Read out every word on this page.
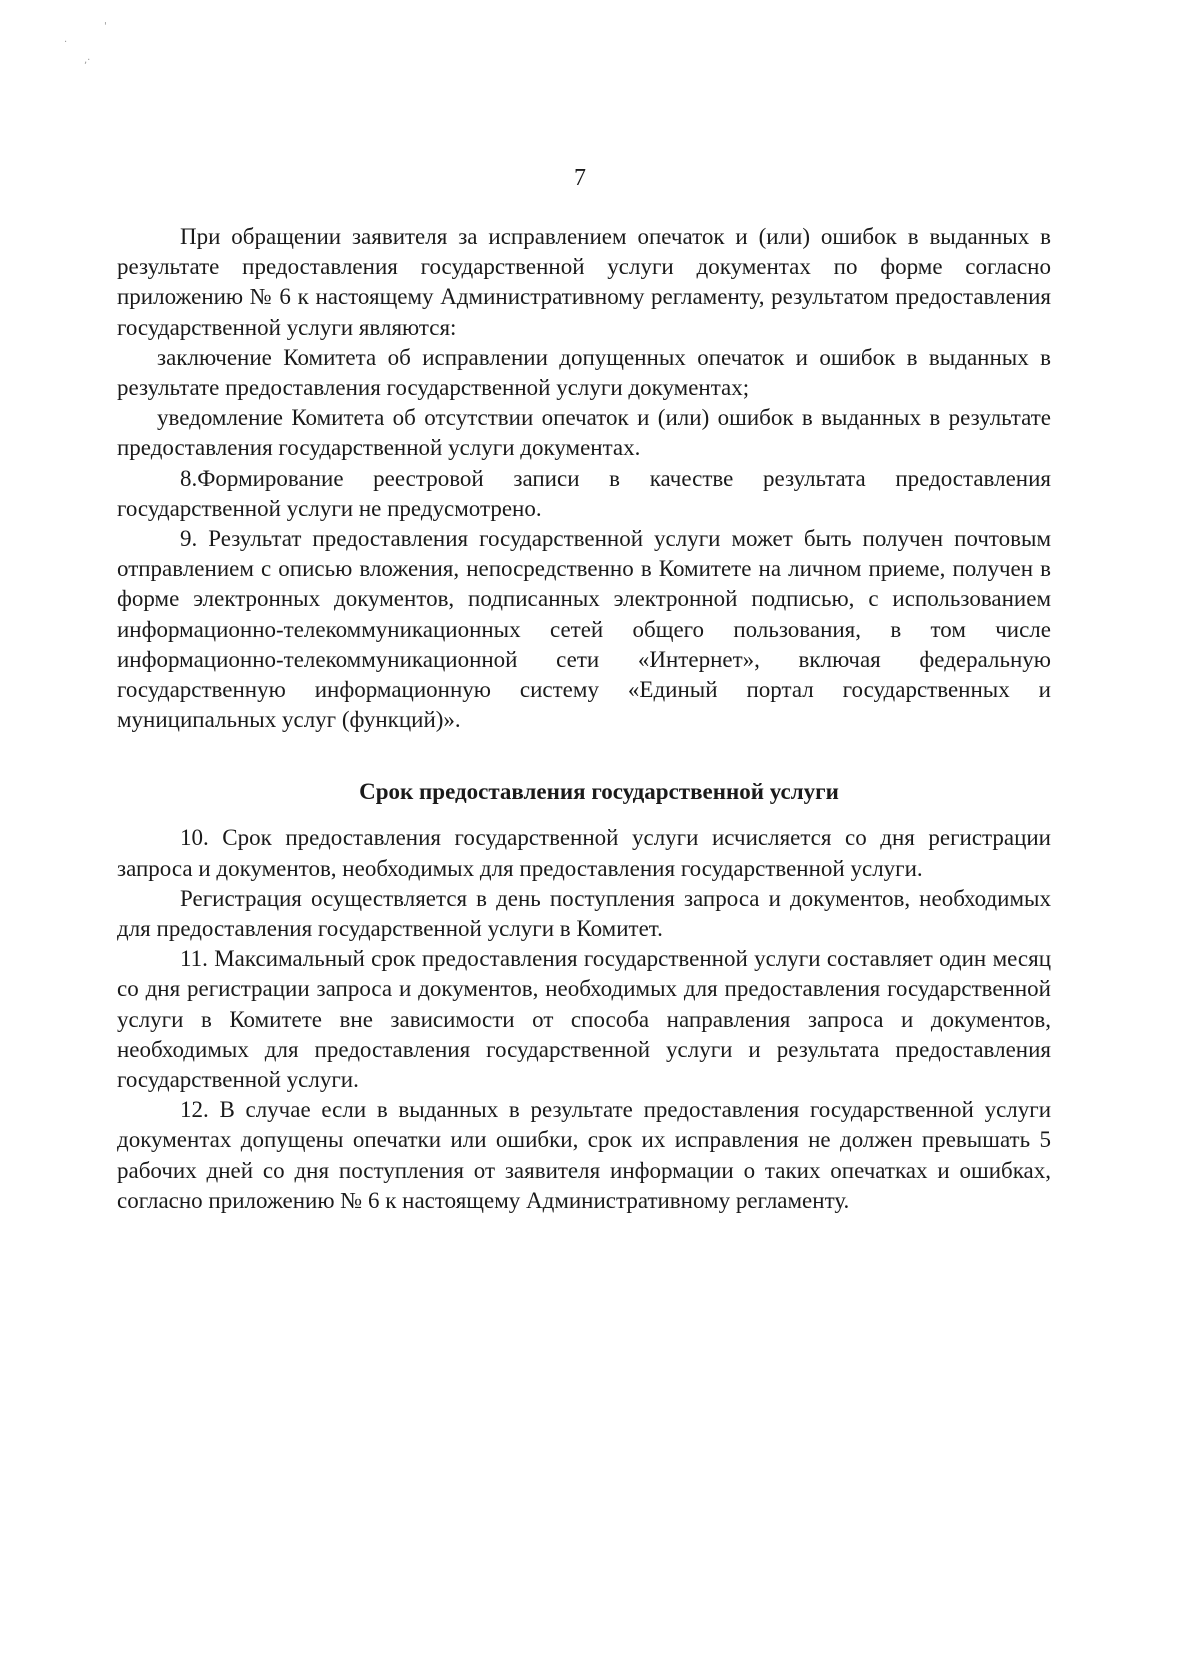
'
·
,·
7

При обращении заявителя за исправлением опечаток и (или) ошибок в выданных в результате предоставления государственной услуги документах по форме согласно приложению № 6 к настоящему Административному регламенту, результатом предоставления государственной услуги являются:

заключение Комитета об исправлении допущенных опечаток и ошибок в выданных в результате предоставления государственной услуги документах;

уведомление Комитета об отсутствии опечаток и (или) ошибок в выданных в результате предоставления государственной услуги документах.

8.Формирование реестровой записи в качестве результата предоставления государственной услуги не предусмотрено.

9. Результат предоставления государственной услуги может быть получен почтовым отправлением с описью вложения, непосредственно в Комитете на личном приеме, получен в форме электронных документов, подписанных электронной подписью, с использованием информационно-телекоммуникационных сетей общего пользования, в том числе информационно-телекоммуникационной сети «Интернет», включая федеральную государственную информационную систему «Единый портал государственных и муниципальных услуг (функций)».

Срок предоставления государственной услуги

10. Срок предоставления государственной услуги исчисляется со дня регистрации запроса и документов, необходимых для предоставления государственной услуги.

Регистрация осуществляется в день поступления запроса и документов, необходимых для предоставления государственной услуги в Комитет.

11. Максимальный срок предоставления государственной услуги составляет один месяц со дня регистрации запроса и документов, необходимых для предоставления государственной услуги в Комитете вне зависимости от способа направления запроса и документов, необходимых для предоставления государственной услуги и результата предоставления государственной услуги.

12. В случае если в выданных в результате предоставления государственной услуги документах допущены опечатки или ошибки, срок их исправления не должен превышать 5 рабочих дней со дня поступления от заявителя информации о таких опечатках и ошибках, согласно приложению № 6 к настоящему Административному регламенту.
